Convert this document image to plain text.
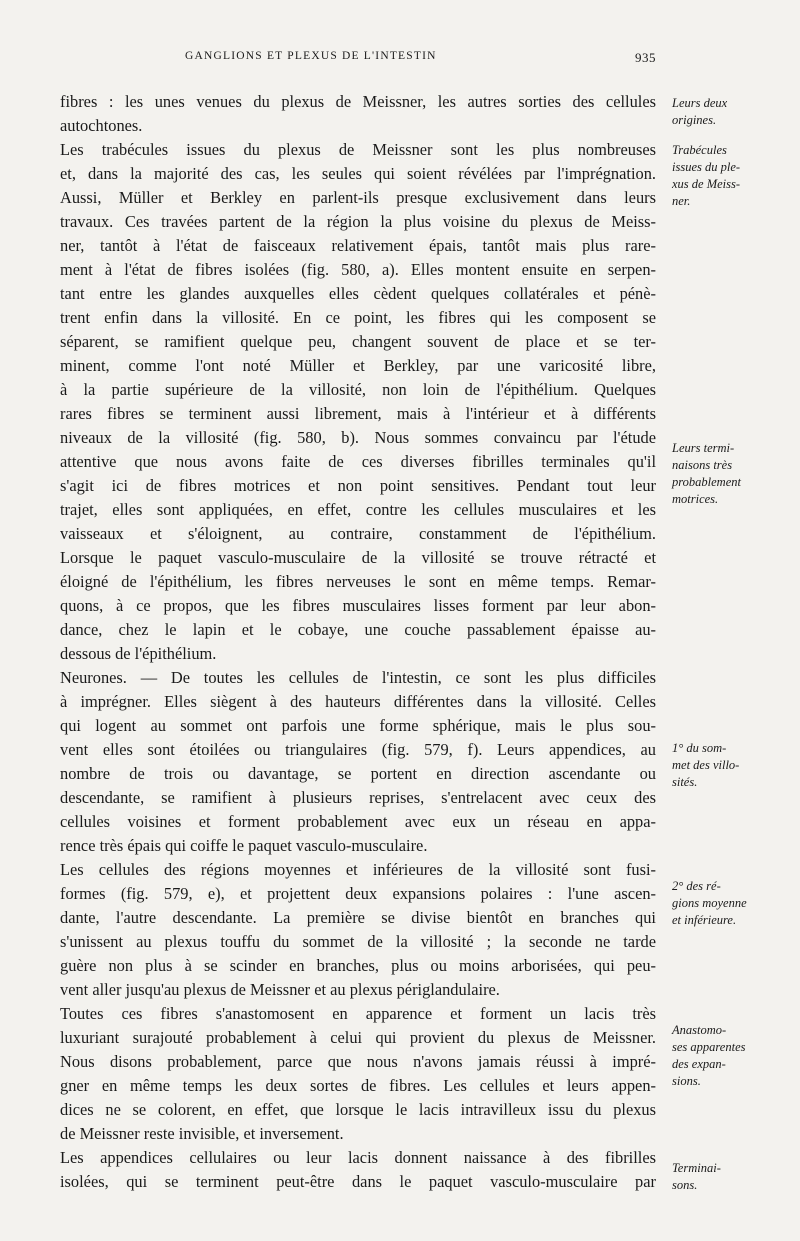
GANGLIONS ET PLEXUS DE L'INTESTIN	935
fibres : les unes venues du plexus de Meissner, les autres sorties des cellules
autochtones.
Les trabécules issues du plexus de Meissner sont les plus nombreuses
et, dans la majorité des cas, les seules qui soient révélées par l'imprégnation.
Aussi, Müller et Berkley en parlent-ils presque exclusivement dans leurs
travaux. Ces travées partent de la région la plus voisine du plexus de Meiss-
ner, tantôt à l'état de faisceaux relativement épais, tantôt mais plus rare-
ment à l'état de fibres isolées (fig. 580, a). Elles montent ensuite en serpen-
tant entre les glandes auxquelles elles cèdent quelques collatérales et pénè-
trent enfin dans la villosité. En ce point, les fibres qui les composent se
séparent, se ramifient quelque peu, changent souvent de place et se ter-
minent, comme l'ont noté Müller et Berkley, par une varicosité libre,
à la partie supérieure de la villosité, non loin de l'épithélium. Quelques
rares fibres se terminent aussi librement, mais à l'intérieur et à différents
niveaux de la villosité (fig. 580, b). Nous sommes convaincu par l'étude
attentive que nous avons faite de ces diverses fibrilles terminales qu'il
s'agit ici de fibres motrices et non point sensitives. Pendant tout leur
trajet, elles sont appliquées, en effet, contre les cellules musculaires et les
vaisseaux et s'éloignent, au contraire, constamment de l'épithélium.
Lorsque le paquet vasculo-musculaire de la villosité se trouve rétracté et
éloigné de l'épithélium, les fibres nerveuses le sont en même temps. Remar-
quons, à ce propos, que les fibres musculaires lisses forment par leur abon-
dance, chez le lapin et le cobaye, une couche passablement épaisse au-
dessous de l'épithélium.
Neurones. — De toutes les cellules de l'intestin, ce sont les plus difficiles
à imprégner. Elles siègent à des hauteurs différentes dans la villosité. Celles
qui logent au sommet ont parfois une forme sphérique, mais le plus sou-
vent elles sont étoilées ou triangulaires (fig. 579, f). Leurs appendices, au
nombre de trois ou davantage, se portent en direction ascendante ou
descendante, se ramifient à plusieurs reprises, s'entrelacent avec ceux des
cellules voisines et forment probablement avec eux un réseau en appa-
rence très épais qui coiffe le paquet vasculo-musculaire.
Les cellules des régions moyennes et inférieures de la villosité sont fusi-
formes (fig. 579, e), et projettent deux expansions polaires : l'une ascen-
dante, l'autre descendante. La première se divise bientôt en branches qui
s'unissent au plexus touffu du sommet de la villosité ; la seconde ne tarde
guère non plus à se scinder en branches, plus ou moins arborisées, qui peu-
vent aller jusqu'au plexus de Meissner et au plexus périglandulaire.
Toutes ces fibres s'anastomosent en apparence et forment un lacis très
luxuriant surajouté probablement à celui qui provient du plexus de Meissner.
Nous disons probablement, parce que nous n'avons jamais réussi à impré-
gner en même temps les deux sortes de fibres. Les cellules et leurs appen-
dices ne se colorent, en effet, que lorsque le lacis intravilleux issu du plexus
de Meissner reste invisible, et inversement.
Les appendices cellulaires ou leur lacis donnent naissance à des fibrilles
isolées, qui se terminent peut-être dans le paquet vasculo-musculaire par
Leurs deux
origines.
Trabécules
issues du ple-
xus de Meiss-
ner.
Leurs termi-
naisons très
probablement
motrices.
1° du som-
met des villo-
sités.
2° des ré-
gions moyenne
et inférieure.
Anastomo-
ses apparentes
des expan-
sions.
Terminai-
sons.
